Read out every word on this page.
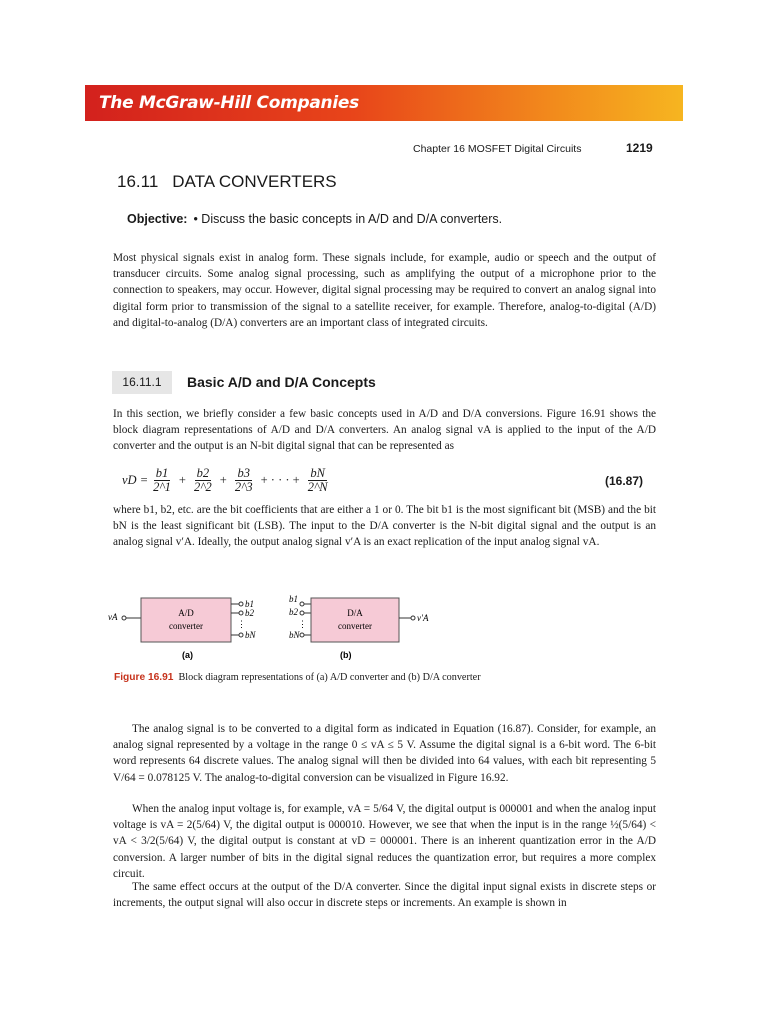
The McGraw-Hill Companies
Chapter 16 MOSFET Digital Circuits	1219
16.11 DATA CONVERTERS
Objective: • Discuss the basic concepts in A/D and D/A converters.

Most physical signals exist in analog form. These signals include, for example, audio or speech and the output of transducer circuits. Some analog signal processing, such as amplifying the output of a microphone prior to the connection to speakers, may occur. However, digital signal processing may be required to convert an analog signal into digital form prior to transmission of the signal to a satellite receiver, for example. Therefore, analog-to-digital (A/D) and digital-to-analog (D/A) converters are an important class of integrated circuits.

16.11.1	Basic A/D and D/A Concepts

In this section, we briefly consider a few basic concepts used in A/D and D/A conversions. Figure 16.91 shows the block diagram representations of A/D and D/A converters. An analog signal vA is applied to the input of the A/D converter and the output is an N-bit digital signal that can be represented as

vD = $\frac{b1}{2\^{}1} + \frac{b2}{2\^{}2} + \frac{b3}{2\^{}3}$ + · · · + $\frac{bN}{2\^{}N}$	(16.87)

where b1, b2, etc. are the bit coefficients that are either a 1 or 0. The bit b1 is the most significant bit (MSB) and the bit bN is the least significant bit (LSB). The input to the D/A converter is the N-bit digital signal and the output is an analog signal v′A. Ideally, the output analog signal v′A is an exact replication of the input analog signal vA.

vA	A/D
converter
b1
b2
⋮
bN
(a)
b1
b2
⋮
bN
D/A
converter
v′A
(b)
Figure 16.91 Block diagram representations of (a) A/D converter and (b) D/A converter

The analog signal is to be converted to a digital form as indicated in Equation (16.87). Consider, for example, an analog signal represented by a voltage in the range 0 ≤ vA ≤ 5 V. Assume the digital signal is a 6-bit word. The 6-bit word represents 64 discrete values. The analog signal will then be divided into 64 values, with each bit representing 5 V/64 = 0.078125 V. The analog-to-digital conversion can be visualized in Figure 16.92.

When the analog input voltage is, for example, vA = 5/64 V, the digital output is 000001 and when the analog input voltage is vA = 2(5/64) V, the digital output is 000010. However, we see that when the input is in the range ½(5/64) < vA < 3/2(5/64) V, the digital output is constant at vD = 000001. There is an inherent quantization error in the A/D conversion. A larger number of bits in the digital signal reduces the quantization error, but requires a more complex circuit.

The same effect occurs at the output of the D/A converter. Since the digital input signal exists in discrete steps or increments, the output signal will also occur in discrete steps or increments. An example is shown in
